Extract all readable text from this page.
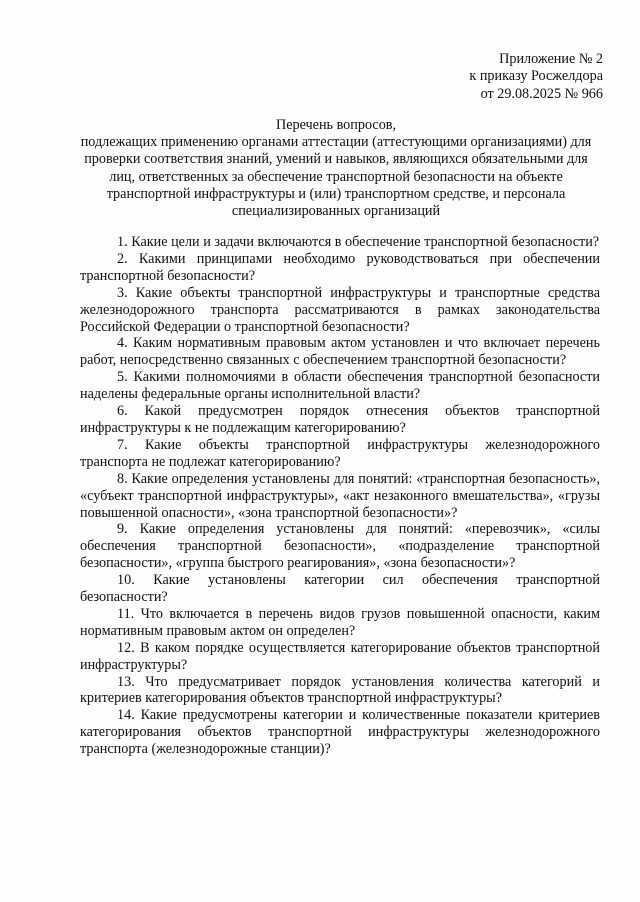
Приложение № 2
к приказу Росжелдора
от 29.08.2025 № 966
Перечень вопросов,
подлежащих применению органами аттестации (аттестующими организациями) для
проверки соответствия знаний, умений и навыков, являющихся обязательными для
лиц, ответственных за обеспечение транспортной безопасности на объекте
транспортной инфраструктуры и (или) транспортном средстве, и персонала
специализированных организаций

1. Какие цели и задачи включаются в обеспечение транспортной безопасности?

2. Какими принципами необходимо руководствоваться при обеспечении транспортной безопасности?

3. Какие объекты транспортной инфраструктуры и транспортные средства железнодорожного транспорта рассматриваются в рамках законодательства Российской Федерации о транспортной безопасности?

4. Каким нормативным правовым актом установлен и что включает перечень работ, непосредственно связанных с обеспечением транспортной безопасности?

5. Какими полномочиями в области обеспечения транспортной безопасности наделены федеральные органы исполнительной власти?

6. Какой предусмотрен порядок отнесения объектов транспортной инфраструктуры к не подлежащим категорированию?

7. Какие объекты транспортной инфраструктуры железнодорожного транспорта не подлежат категорированию?

8. Какие определения установлены для понятий: «транспортная безопасность», «субъект транспортной инфраструктуры», «акт незаконного вмешательства», «грузы повышенной опасности», «зона транспортной безопасности»?

9. Какие определения установлены для понятий: «перевозчик», «силы обеспечения транспортной безопасности», «подразделение транспортной безопасности», «группа быстрого реагирования», «зона безопасности»?

10. Какие установлены категории сил обеспечения транспортной безопасности?

11. Что включается в перечень видов грузов повышенной опасности, каким нормативным правовым актом он определен?

12. В каком порядке осуществляется категорирование объектов транспортной инфраструктуры?

13. Что предусматривает порядок установления количества категорий и критериев категорирования объектов транспортной инфраструктуры?

14. Какие предусмотрены категории и количественные показатели критериев категорирования объектов транспортной инфраструктуры железнодорожного транспорта (железнодорожные станции)?
